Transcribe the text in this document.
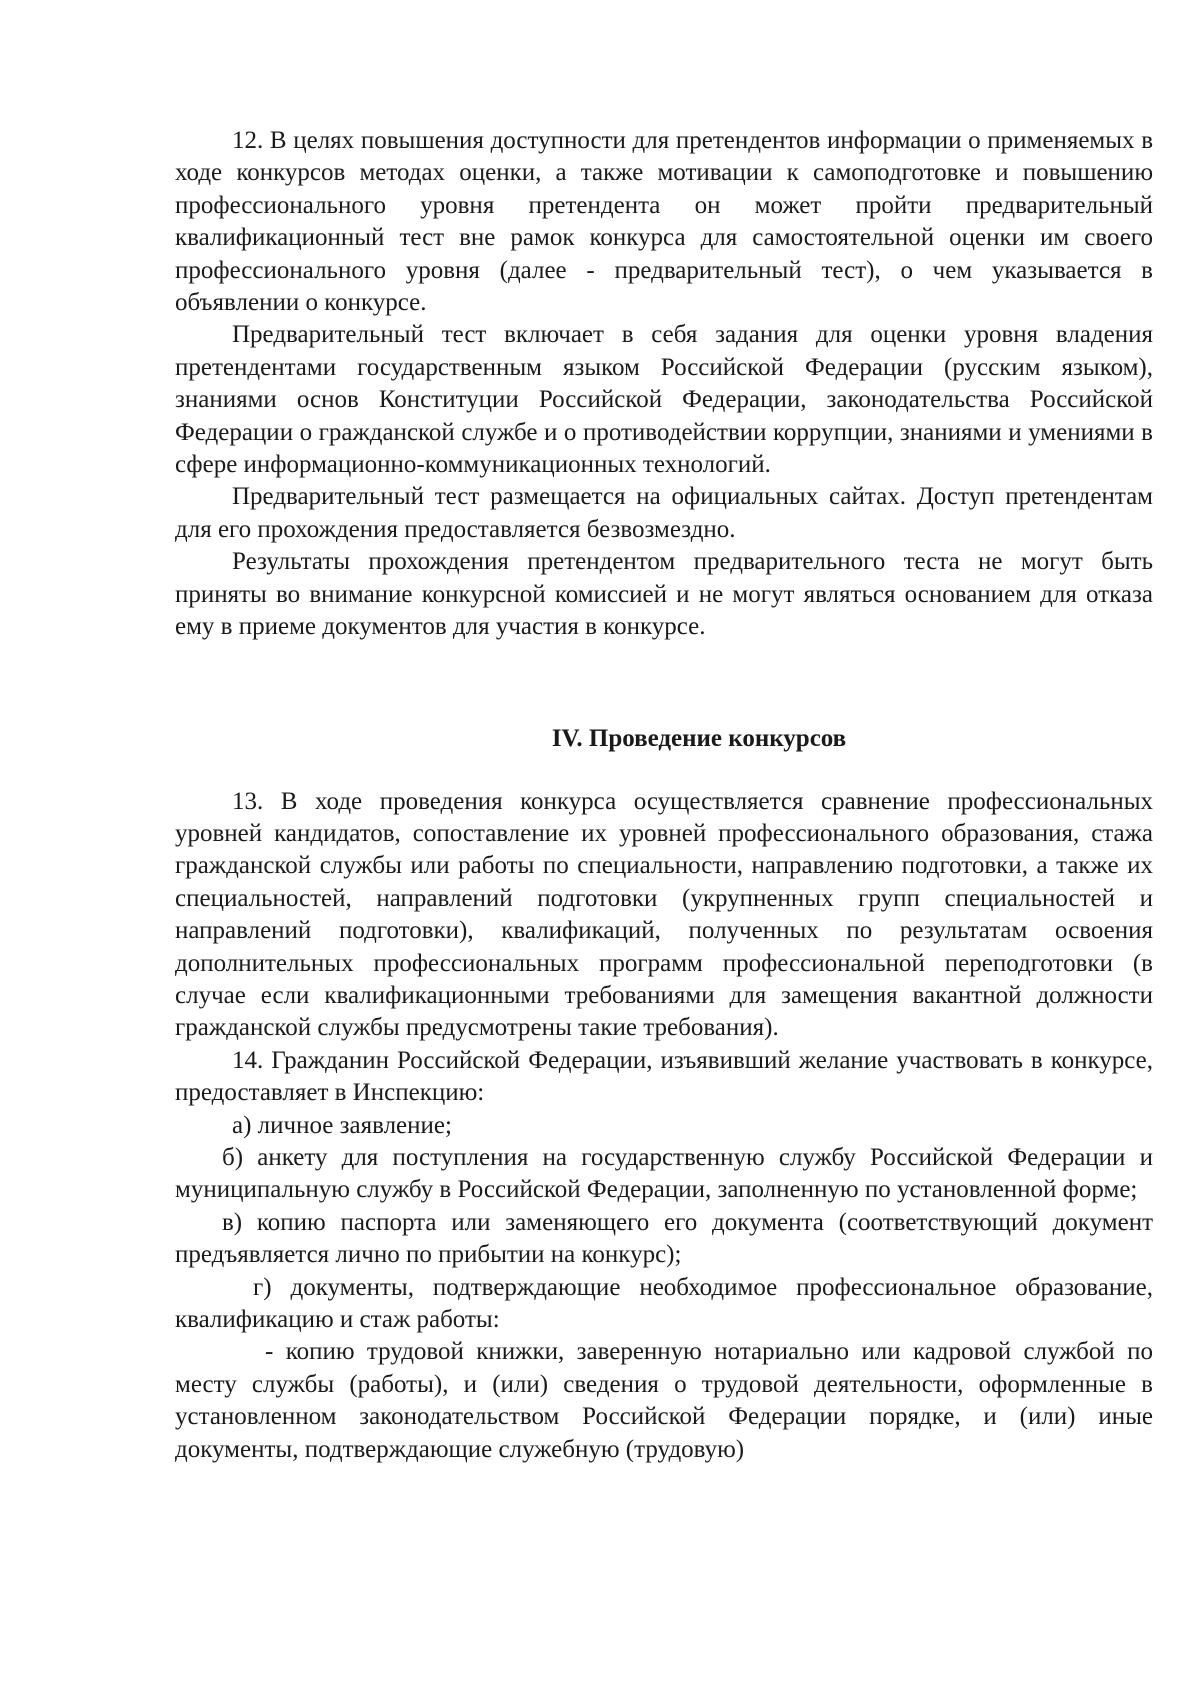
12. В целях повышения доступности для претендентов информации о применяемых в ходе конкурсов методах оценки, а также мотивации к самоподготовке и повышению профессионального уровня претендента он может пройти предварительный квалификационный тест вне рамок конкурса для самостоятельной оценки им своего профессионального уровня (далее - предварительный тест), о чем указывается в объявлении о конкурсе.

Предварительный тест включает в себя задания для оценки уровня владения претендентами государственным языком Российской Федерации (русским языком), знаниями основ Конституции Российской Федерации, законодательства Российской Федерации о гражданской службе и о противодействии коррупции, знаниями и умениями в сфере информационно-коммуникационных технологий.

Предварительный тест размещается на официальных сайтах. Доступ претендентам для его прохождения предоставляется безвозмездно.

Результаты прохождения претендентом предварительного теста не могут быть приняты во внимание конкурсной комиссией и не могут являться основанием для отказа ему в приеме документов для участия в конкурсе.

IV. Проведение конкурсов

13. В ходе проведения конкурса осуществляется сравнение профессиональных уровней кандидатов, сопоставление их уровней профессионального образования, стажа гражданской службы или работы по специальности, направлению подготовки, а также их специальностей, направлений подготовки (укрупненных групп специальностей и направлений подготовки), квалификаций, полученных по результатам освоения дополнительных профессиональных программ профессиональной переподготовки (в случае если квалификационными требованиями для замещения вакантной должности гражданской службы предусмотрены такие требования).

14. Гражданин Российской Федерации, изъявивший желание участвовать в конкурсе, предоставляет в Инспекцию:

а) личное заявление;

б) анкету для поступления на государственную службу Российской Федерации и муниципальную службу в Российской Федерации, заполненную по установленной форме;

в) копию паспорта или заменяющего его документа (соответствующий документ предъявляется лично по прибытии на конкурс);

г) документы, подтверждающие необходимое профессиональное образование, квалификацию и стаж работы:

- копию трудовой книжки, заверенную нотариально или кадровой службой по месту службы (работы), и (или) сведения о трудовой деятельности, оформленные в установленном законодательством Российской Федерации порядке, и (или) иные документы, подтверждающие служебную (трудовую)
